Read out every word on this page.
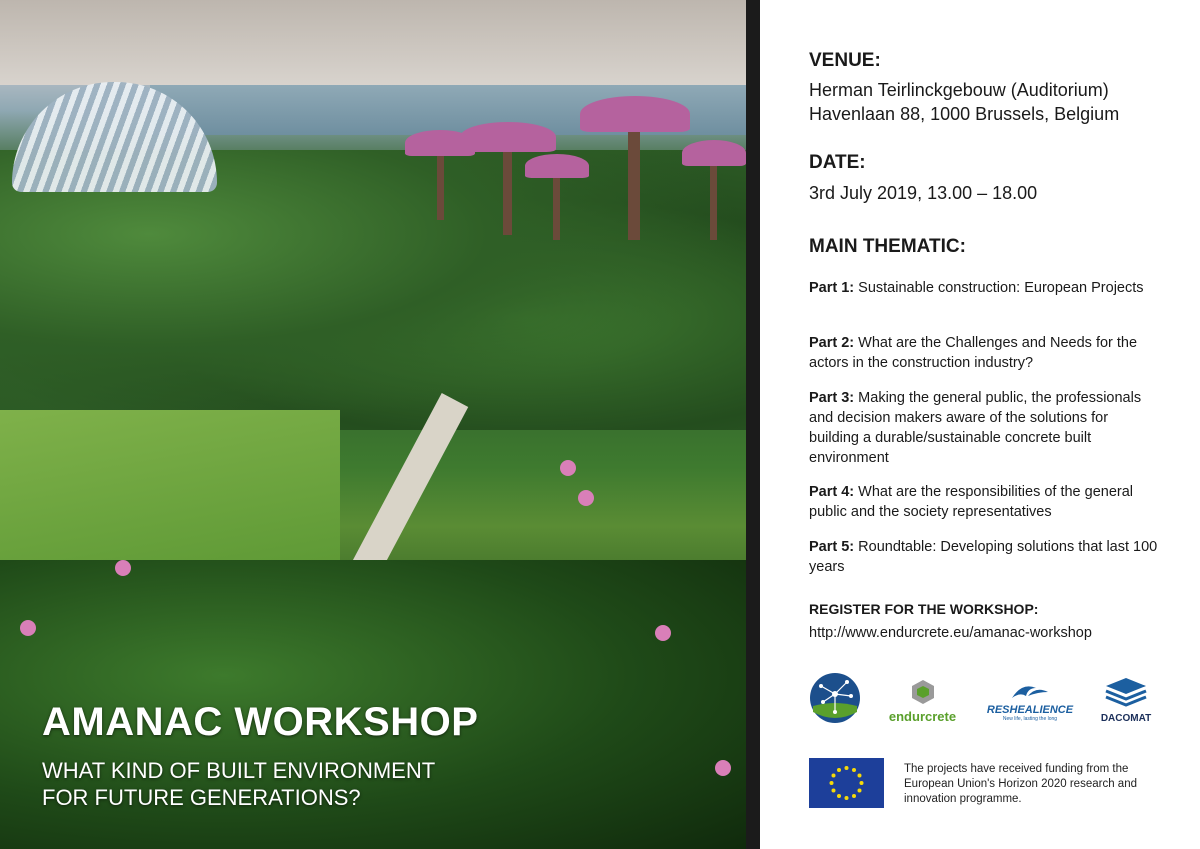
AMANAC WORKSHOP
WHAT KIND OF BUILT ENVIRONMENT
FOR FUTURE GENERATIONS?
VENUE:
Herman Teirlinckgebouw (Auditorium)
Havenlaan 88, 1000 Brussels, Belgium
DATE:
3rd July 2019, 13.00 – 18.00
MAIN THEMATIC:
Part 1: Sustainable construction: European Projects
Part 2: What are the Challenges and Needs for the actors in the construction industry?
Part 3: Making the general public, the professionals and decision makers aware of the solutions for building a durable/sustainable concrete built environment
Part 4: What are the responsibilities of the general public and the society representatives
Part 5: Roundtable: Developing solutions that last 100 years
REGISTER FOR THE WORKSHOP:
http://www.endurcrete.eu/amanac-workshop
endurcrete	RESHEALIENCE
New life, lasting the long	DACOMAT
The projects have received funding from the European Union's Horizon 2020 research and innovation programme.
